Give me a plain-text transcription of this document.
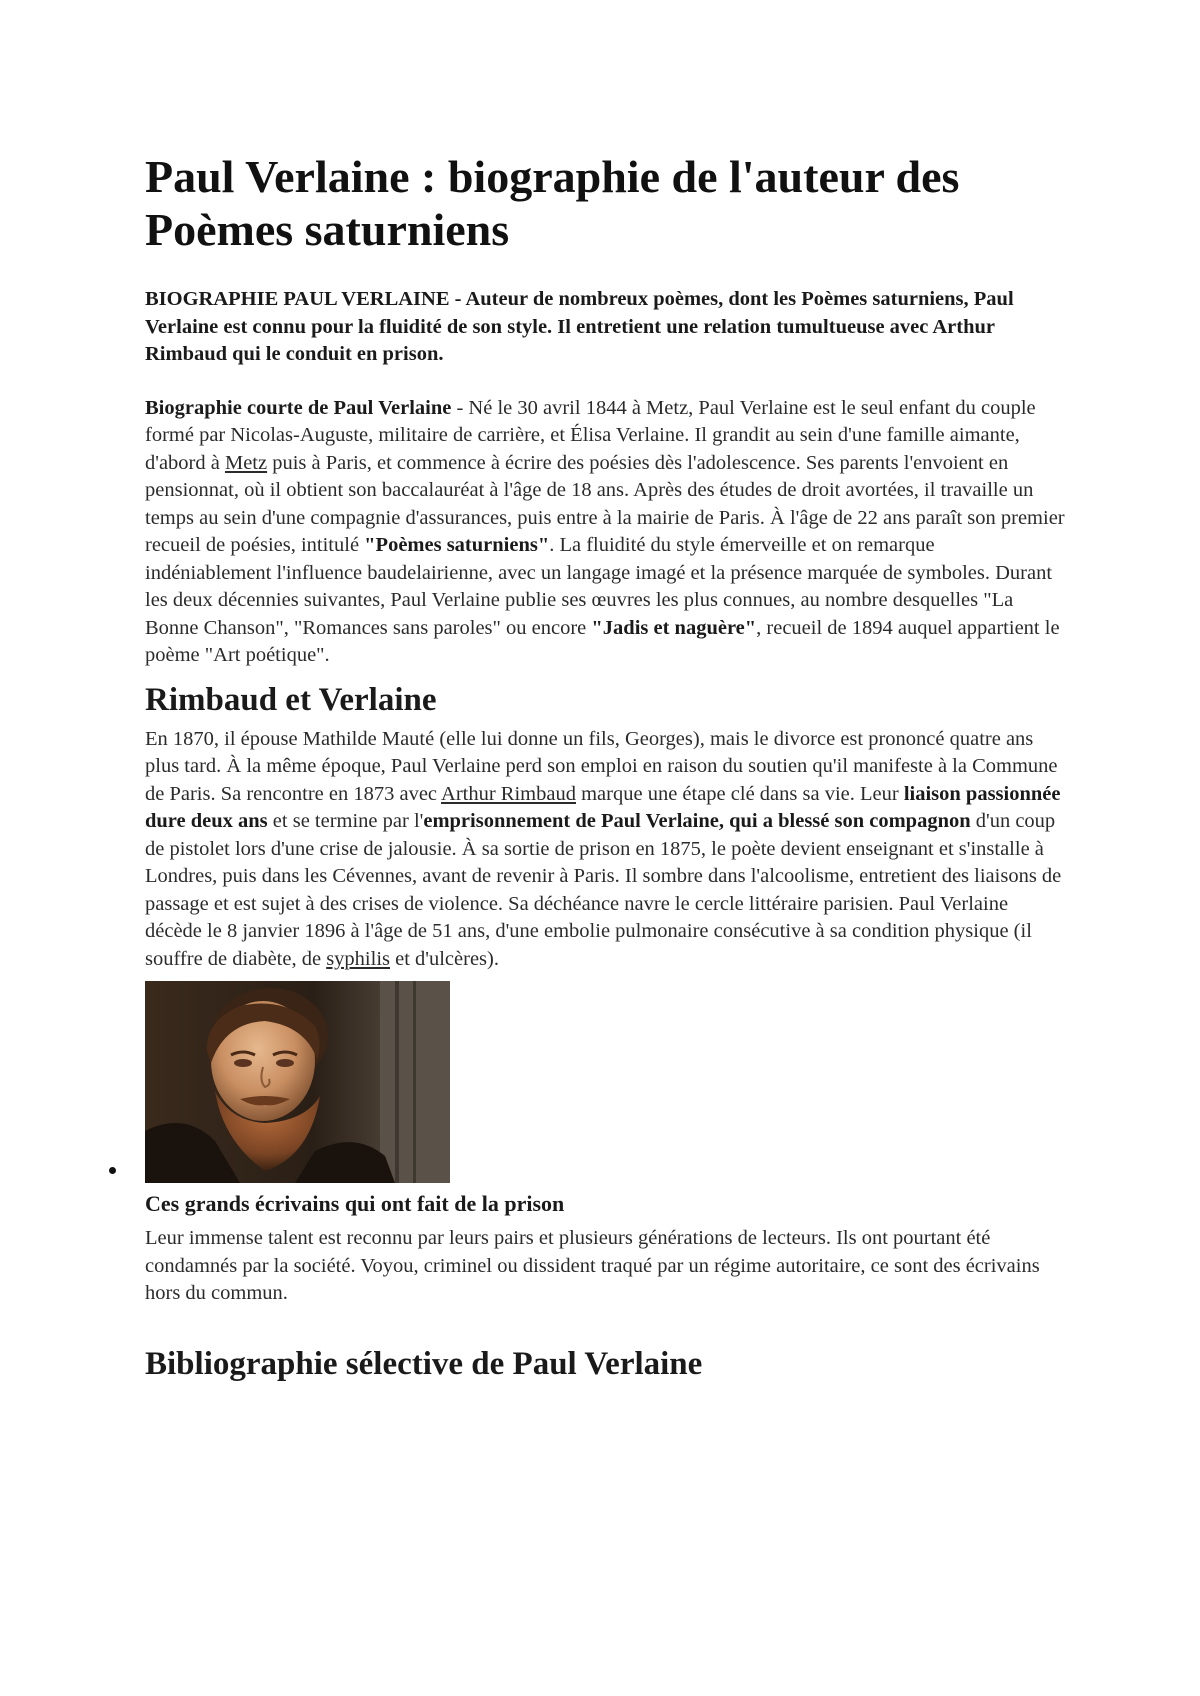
Paul Verlaine : biographie de l'auteur des Poèmes saturniens

BIOGRAPHIE PAUL VERLAINE - Auteur de nombreux poèmes, dont les Poèmes saturniens, Paul Verlaine est connu pour la fluidité de son style. Il entretient une relation tumultueuse avec Arthur Rimbaud qui le conduit en prison.

Biographie courte de Paul Verlaine - Né le 30 avril 1844 à Metz, Paul Verlaine est le seul enfant du couple formé par Nicolas-Auguste, militaire de carrière, et Élisa Verlaine. Il grandit au sein d'une famille aimante, d'abord à Metz puis à Paris, et commence à écrire des poésies dès l'adolescence. Ses parents l'envoient en pensionnat, où il obtient son baccalauréat à l'âge de 18 ans. Après des études de droit avortées, il travaille un temps au sein d'une compagnie d'assurances, puis entre à la mairie de Paris. À l'âge de 22 ans paraît son premier recueil de poésies, intitulé "Poèmes saturniens". La fluidité du style émerveille et on remarque indéniablement l'influence baudelairienne, avec un langage imagé et la présence marquée de symboles. Durant les deux décennies suivantes, Paul Verlaine publie ses œuvres les plus connues, au nombre desquelles "La Bonne Chanson", "Romances sans paroles" ou encore "Jadis et naguère", recueil de 1894 auquel appartient le poème "Art poétique".

Rimbaud et Verlaine

En 1870, il épouse Mathilde Mauté (elle lui donne un fils, Georges), mais le divorce est prononcé quatre ans plus tard. À la même époque, Paul Verlaine perd son emploi en raison du soutien qu'il manifeste à la Commune de Paris. Sa rencontre en 1873 avec Arthur Rimbaud marque une étape clé dans sa vie. Leur liaison passionnée dure deux ans et se termine par l'emprisonnement de Paul Verlaine, qui a blessé son compagnon d'un coup de pistolet lors d'une crise de jalousie. À sa sortie de prison en 1875, le poète devient enseignant et s'installe à Londres, puis dans les Cévennes, avant de revenir à Paris. Il sombre dans l'alcoolisme, entretient des liaisons de passage et est sujet à des crises de violence. Sa déchéance navre le cercle littéraire parisien. Paul Verlaine décède le 8 janvier 1896 à l'âge de 51 ans, d'une embolie pulmonaire consécutive à sa condition physique (il souffre de diabète, de syphilis et d'ulcères).

Ces grands écrivains qui ont fait de la prison

Leur immense talent est reconnu par leurs pairs et plusieurs générations de lecteurs. Ils ont pourtant été condamnés par la société. Voyou, criminel ou dissident traqué par un régime autoritaire, ce sont des écrivains hors du commun.

Bibliographie sélective de Paul Verlaine
